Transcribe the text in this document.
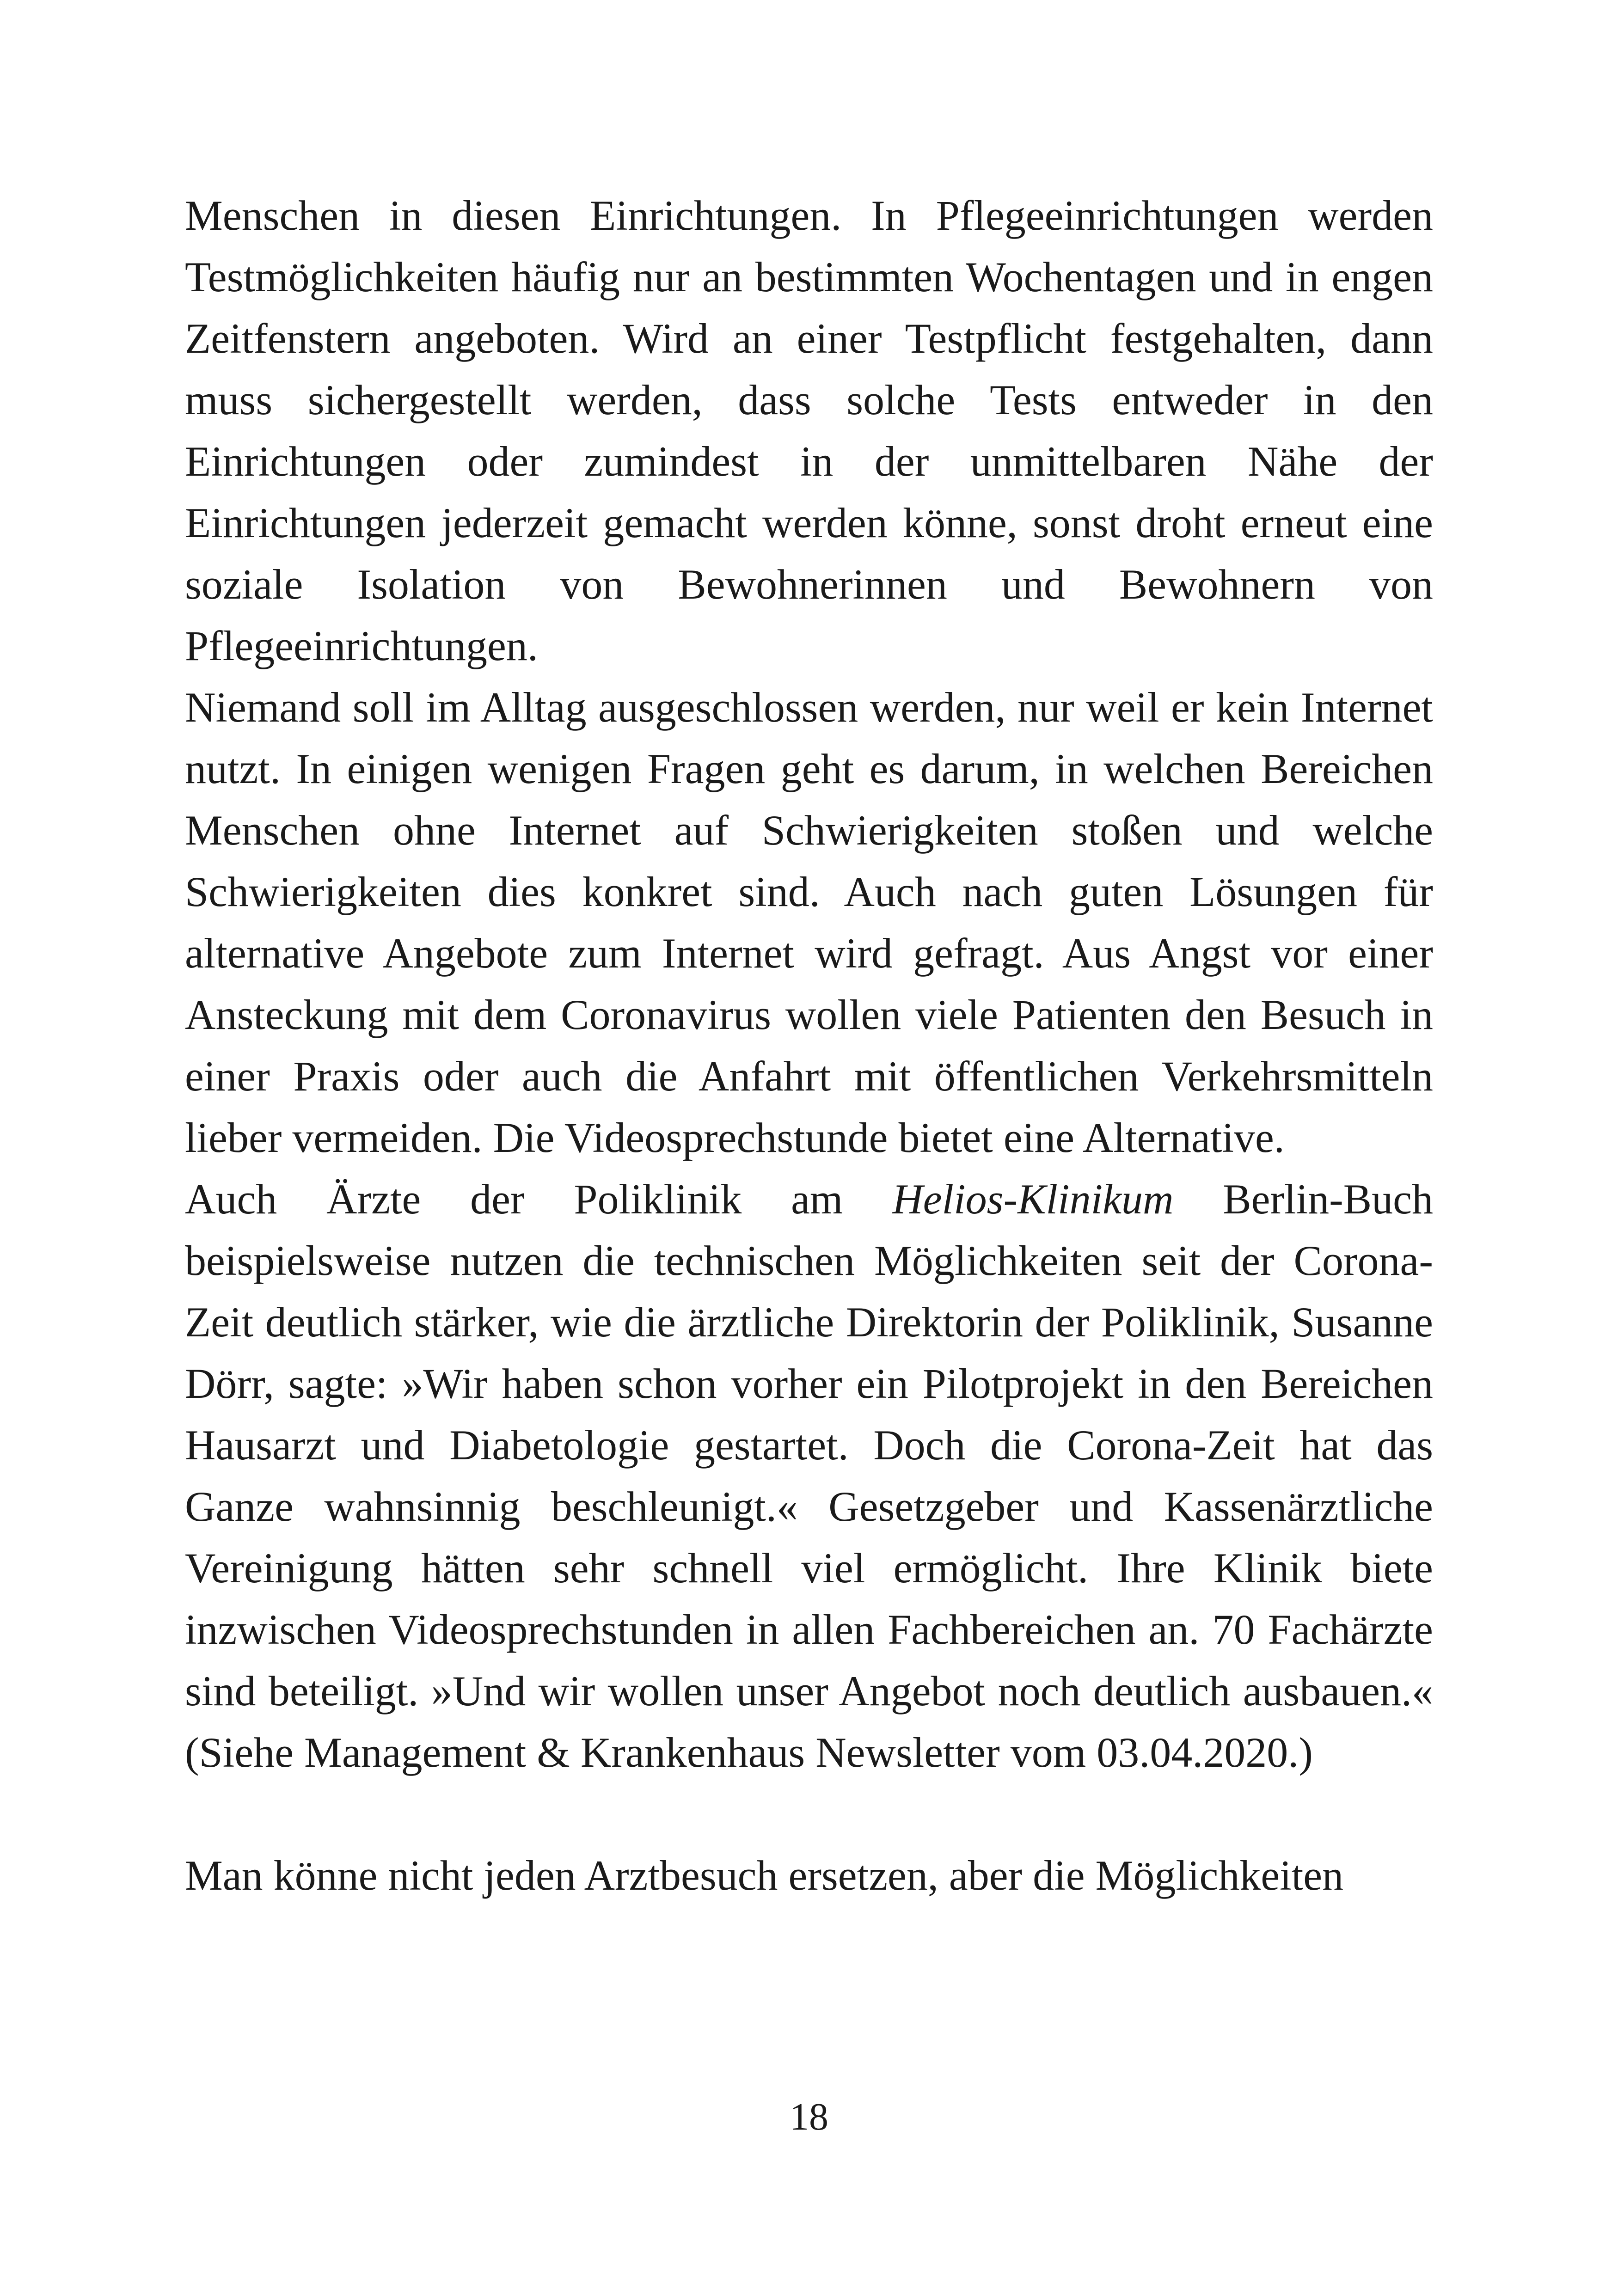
Menschen in diesen Einrichtungen. In Pflegeeinrichtungen werden Testmöglichkeiten häufig nur an bestimmten Wochentagen und in engen Zeitfenstern angeboten. Wird an einer Testpflicht festgehalten, dann muss sichergestellt werden, dass solche Tests entweder in den Einrichtungen oder zumindest in der unmittelbaren Nähe der Einrichtungen jederzeit gemacht werden könne, sonst droht erneut eine soziale Isolation von Bewohnerinnen und Bewohnern von Pflegeeinrichtungen.

Niemand soll im Alltag ausgeschlossen werden, nur weil er kein Internet nutzt. In einigen wenigen Fragen geht es darum, in welchen Bereichen Menschen ohne Internet auf Schwierigkeiten stoßen und welche Schwierigkeiten dies konkret sind. Auch nach guten Lösungen für alternative Angebote zum Internet wird gefragt. Aus Angst vor einer Ansteckung mit dem Coronavirus wollen viele Patienten den Besuch in einer Praxis oder auch die Anfahrt mit öffentlichen Verkehrsmitteln lieber vermeiden. Die Videosprechstunde bietet eine Alternative.

Auch Ärzte der Poliklinik am Helios-Klinikum Berlin-Buch beispielsweise nutzen die technischen Möglichkeiten seit der Corona-Zeit deutlich stärker, wie die ärztliche Direktorin der Poliklinik, Susanne Dörr, sagte: »Wir haben schon vorher ein Pilotprojekt in den Bereichen Hausarzt und Diabetologie gestartet. Doch die Corona-Zeit hat das Ganze wahnsinnig beschleunigt.« Gesetzgeber und Kassenärztliche Vereinigung hätten sehr schnell viel ermöglicht. Ihre Klinik biete inzwischen Videosprechstunden in allen Fachbereichen an. 70 Fachärzte sind beteiligt. »Und wir wollen unser Angebot noch deutlich ausbauen.« (Siehe Management & Krankenhaus Newsletter vom 03.04.2020.)

Man könne nicht jeden Arztbesuch ersetzen, aber die Möglichkeiten

18
